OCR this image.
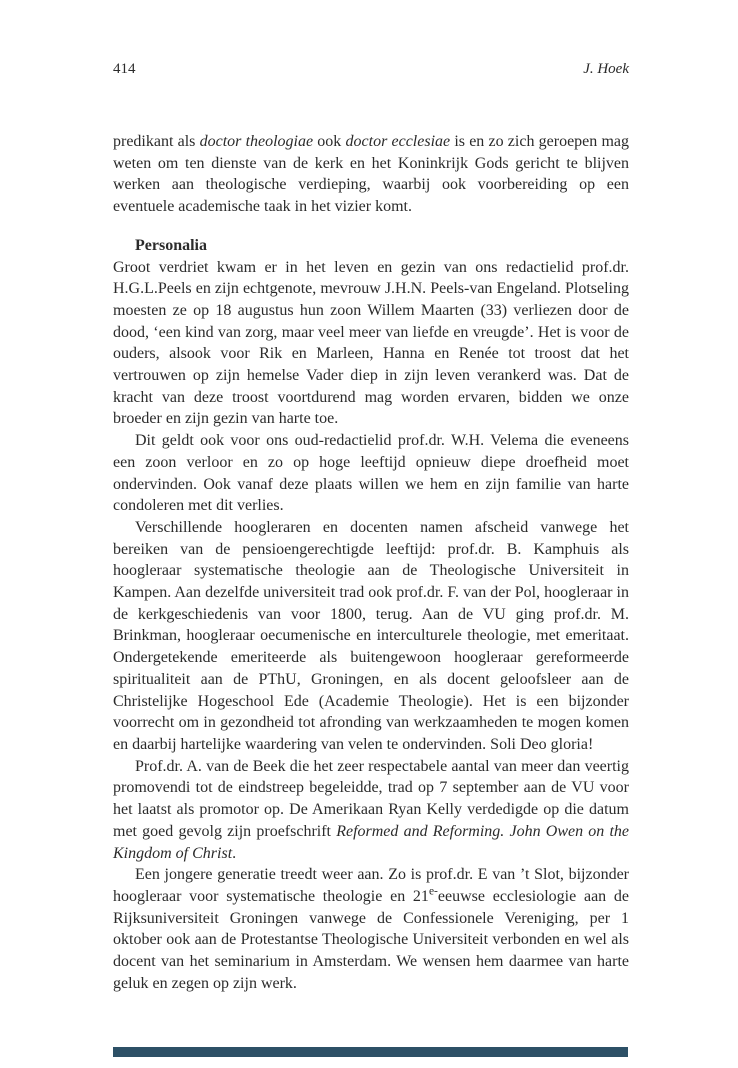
414	J. Hoek

predikant als doctor theologiae ook doctor ecclesiae is en zo zich geroepen mag weten om ten dienste van de kerk en het Koninkrijk Gods gericht te blijven werken aan theologische verdieping, waarbij ook voorbereiding op een eventuele academische taak in het vizier komt.

Personalia

Groot verdriet kwam er in het leven en gezin van ons redactielid prof.dr. H.G.L.Peels en zijn echtgenote, mevrouw J.H.N. Peels-van Engeland. Plotseling moesten ze op 18 augustus hun zoon Willem Maarten (33) verliezen door de dood, ‘een kind van zorg, maar veel meer van liefde en vreugde’. Het is voor de ouders, alsook voor Rik en Marleen, Hanna en Renée tot troost dat het vertrouwen op zijn hemelse Vader diep in zijn leven verankerd was. Dat de kracht van deze troost voortdurend mag worden ervaren, bidden we onze broeder en zijn gezin van harte toe.

Dit geldt ook voor ons oud-redactielid prof.dr. W.H. Velema die eveneens een zoon verloor en zo op hoge leeftijd opnieuw diepe droefheid moet ondervinden. Ook vanaf deze plaats willen we hem en zijn familie van harte condoleren met dit verlies.

Verschillende hoogleraren en docenten namen afscheid vanwege het bereiken van de pensioengerechtigde leeftijd: prof.dr. B. Kamphuis als hoogleraar systematische theologie aan de Theologische Universiteit in Kampen. Aan dezelfde universiteit trad ook prof.dr. F. van der Pol, hoogleraar in de kerkgeschiedenis van voor 1800, terug. Aan de VU ging prof.dr. M. Brinkman, hoogleraar oecumenische en interculturele theologie, met emeritaat. Ondergetekende emeriteerde als buitengewoon hoogleraar gereformeerde spiritualiteit aan de PThU, Groningen, en als docent geloofsleer aan de Christelijke Hogeschool Ede (Academie Theologie). Het is een bijzonder voorrecht om in gezondheid tot afronding van werkzaamheden te mogen komen en daarbij hartelijke waardering van velen te ondervinden. Soli Deo gloria!

Prof.dr. A. van de Beek die het zeer respectabele aantal van meer dan veertig promovendi tot de eindstreep begeleidde, trad op 7 september aan de VU voor het laatst als promotor op. De Amerikaan Ryan Kelly verdedigde op die datum met goed gevolg zijn proefschrift Reformed and Reforming. John Owen on the Kingdom of Christ.

Een jongere generatie treedt weer aan. Zo is prof.dr. E van ’t Slot, bijzonder hoogleraar voor systematische theologie en $21^{e-}eeuwse$ ecclesiologie aan de Rijksuniversiteit Groningen vanwege de Confessionele Vereniging, per 1 oktober ook aan de Protestantse Theologische Universiteit verbonden en wel als docent van het seminarium in Amsterdam. We wensen hem daarmee van harte geluk en zegen op zijn werk.
